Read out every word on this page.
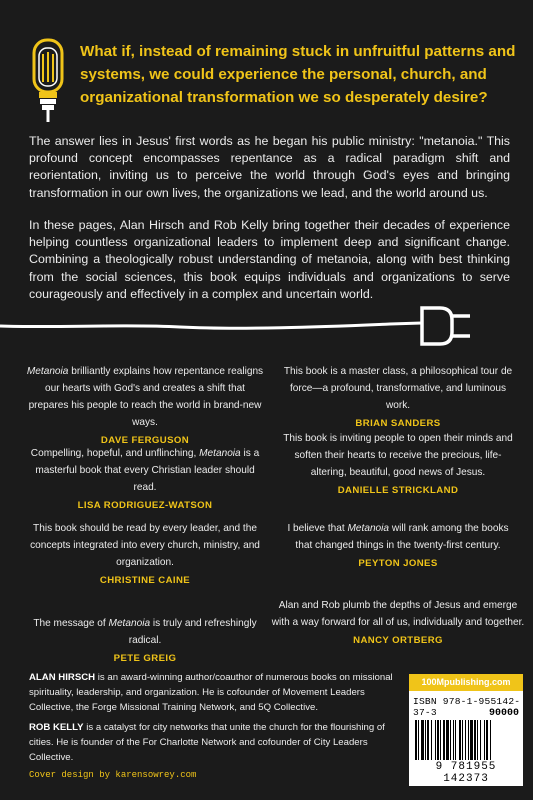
What if, instead of remaining stuck in unfruitful patterns and systems, we could experience the personal, church, and organizational transformation we so desperately desire?

The answer lies in Jesus' first words as he began his public ministry: "metanoia." This profound concept encompasses repentance as a radical paradigm shift and reorientation, inviting us to perceive the world through God's eyes and bringing transformation in our own lives, the organizations we lead, and the world around us.

In these pages, Alan Hirsch and Rob Kelly bring together their decades of experience helping countless organizational leaders to implement deep and significant change. Combining a theologically robust understanding of metanoia, along with best thinking from the social sciences, this book equips individuals and organizations to serve courageously and effectively in a complex and uncertain world.

Metanoia brilliantly explains how repentance realigns our hearts with God's and creates a shift that prepares his people to reach the world in brand-new ways.
DAVE FERGUSON
This book is a master class, a philosophical tour de force—a profound, transformative, and luminous work.
BRIAN SANDERS
Compelling, hopeful, and unflinching, Metanoia is a masterful book that every Christian leader should read.
LISA RODRIGUEZ-WATSON
This book is inviting people to open their minds and soften their hearts to receive the precious, life-altering, beautiful, good news of Jesus.
DANIELLE STRICKLAND
This book should be read by every leader, and the concepts integrated into every church, ministry, and organization.
CHRISTINE CAINE
I believe that Metanoia will rank among the books that changed things in the twenty-first century.
PEYTON JONES
The message of Metanoia is truly and refreshingly radical.
PETE GREIG
Alan and Rob plumb the depths of Jesus and emerge with a way forward for all of us, individually and together.
NANCY ORTBERG
ALAN HIRSCH is an award-winning author/coauthor of numerous books on missional spirituality, leadership, and organization. He is cofounder of Movement Leaders Collective, the Forge Missional Training Network, and 5Q Collective.
ROB KELLY is a catalyst for city networks that unite the church for the flourishing of cities. He is founder of the For Charlotte Network and cofounder of City Leaders Collective.
Cover design by karensowrey.com
100Mpublishing.com
ISBN 978-1-955142-37-3	90000
9 781955 142373
